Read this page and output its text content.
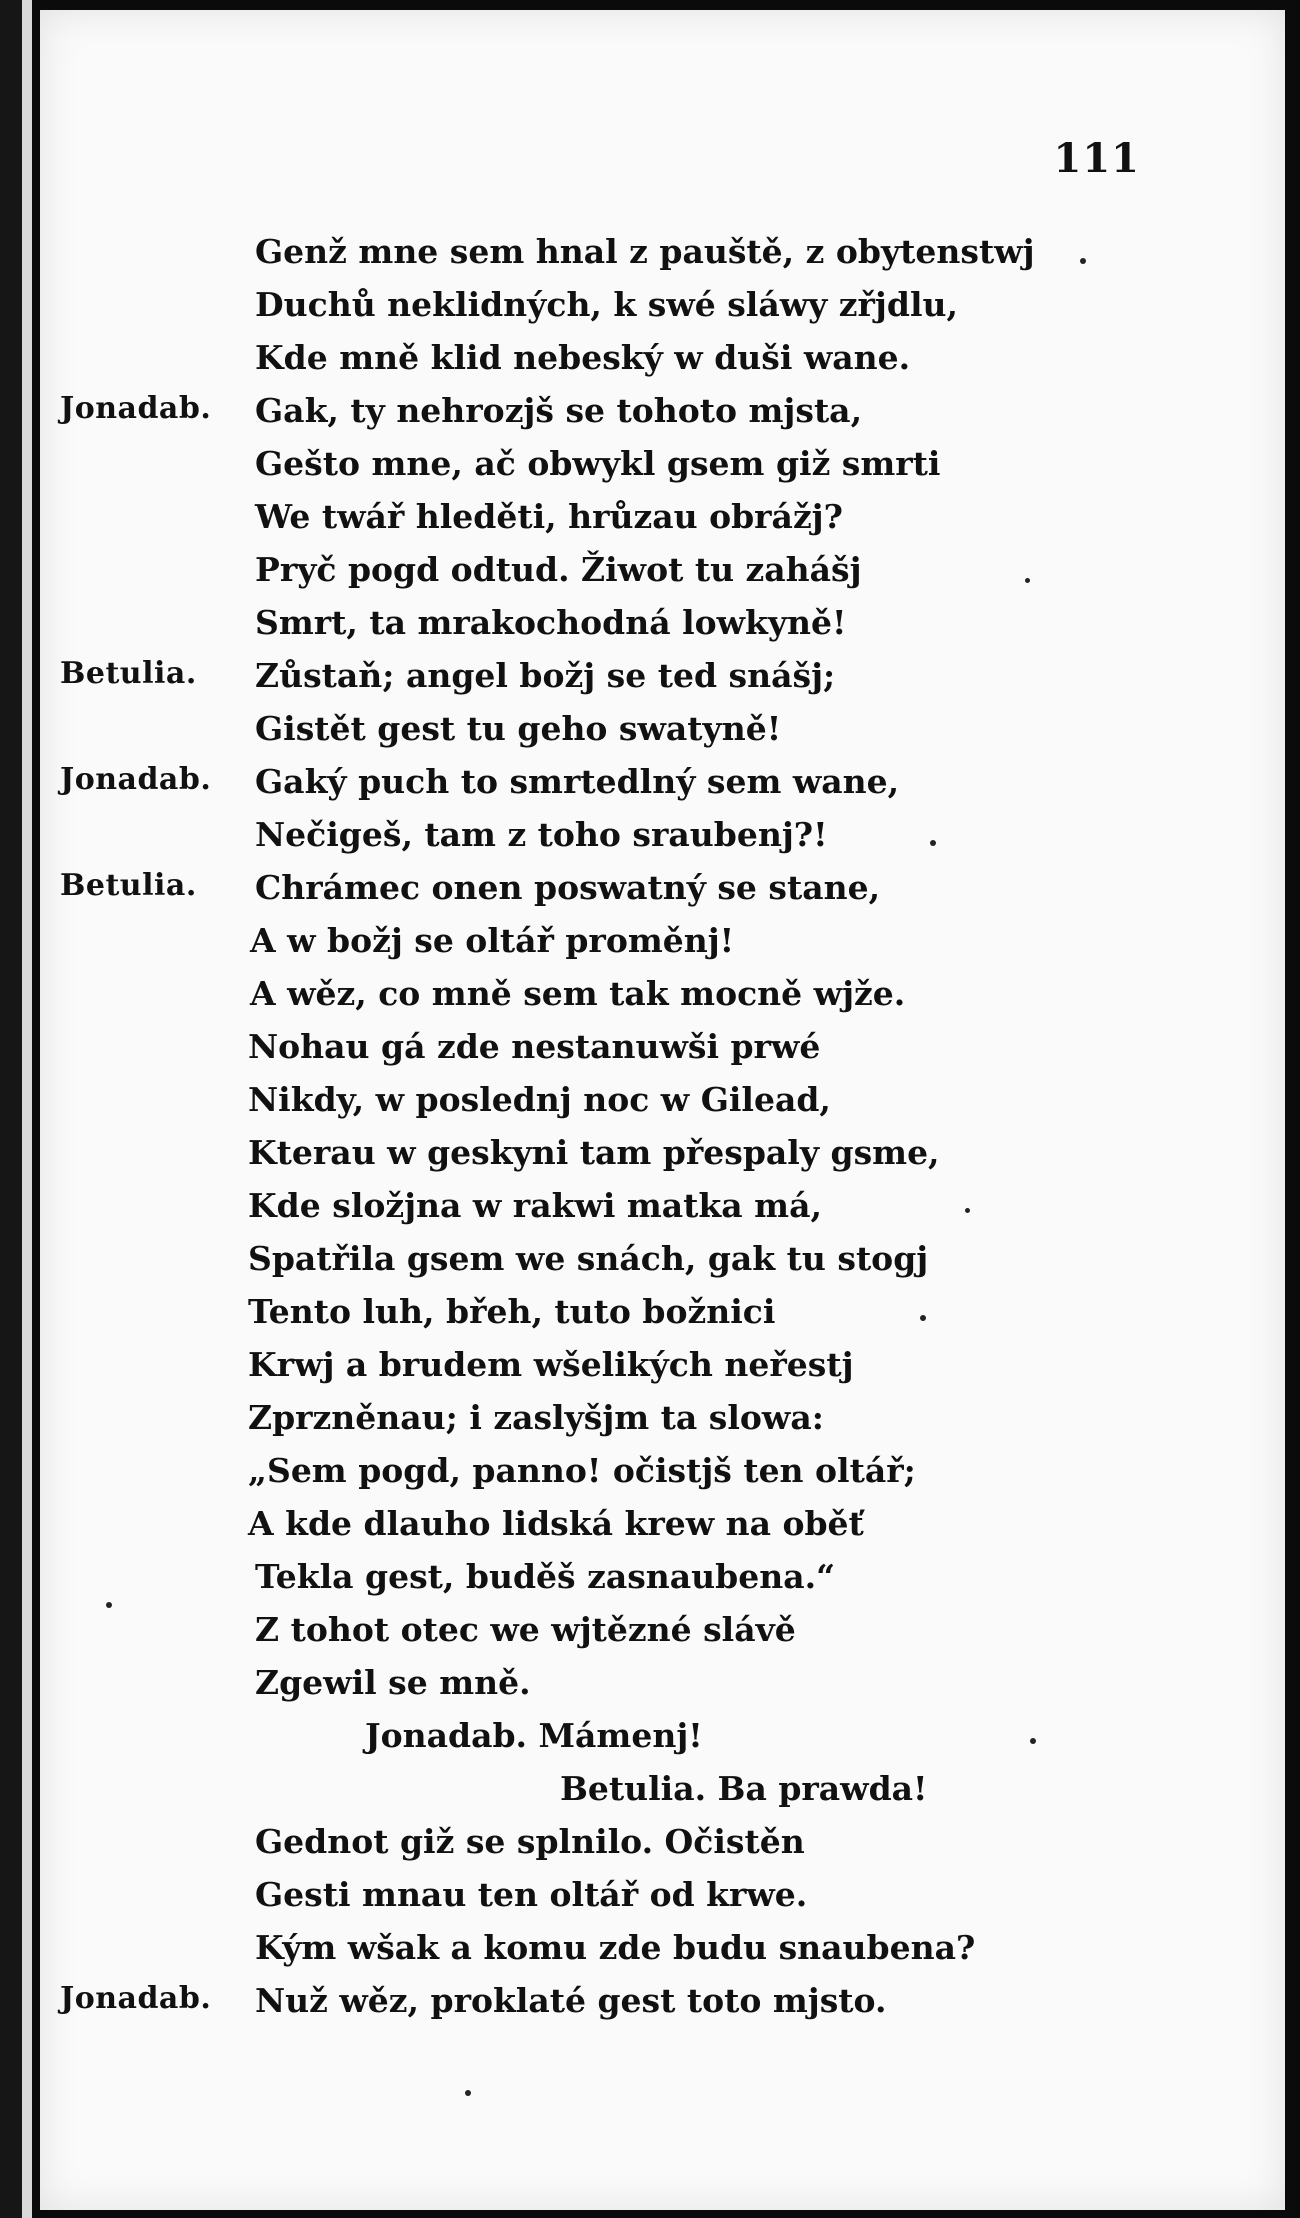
111
Genž mne sem hnal z pauště, z obytenstwj
Duchů neklidných, k swé sláwy zřjdlu,
Kde mně klid nebeský w duši wane.
Jonadab. Gak, ty nehrozjš se tohoto mjsta,
Gešto mne, ač obwykl gsem giž smrti
We twář hleděti, hrůzau obrážj?
Pryč pogd odtud. Žiwot tu zahášj
Smrt, ta mrakochodná lowkyně!
Betulia. Zůstaň; angel božj se ted snášj;
Gistět gest tu geho swatyně!
Jonadab. Gaký puch to smrtedlný sem wane,
Nečigeš, tam z toho sraubenj?!
Betulia. Chrámec onen poswatný se stane,
A w božj se oltář proměnj!
A wěz, co mně sem tak mocně wjže.
Nohau gá zde nestanuwši prwé
Nikdy, w poslednj noc w Gilead,
Kterau w geskyni tam přespaly gsme,
Kde složjna w rakwi matka má,
Spatřila gsem we snách, gak tu stogj
Tento luh, břeh, tuto božnici
Krwj a brudem wšelikých neřestj
Zprzněnau; i zaslyšjm ta slowa:
„Sem pogd, panno! očistjš ten oltář;
A kde dlauho lidská krew na oběť
Tekla gest, buděš zasnaubena.“
Z tohot otec we wjtězné slávě
Zgewil se mně.
Jonadab. Mámenj!
Betulia. Ba prawda!
Gednot giž se splnilo. Očistěn
Gesti mnau ten oltář od krwe.
Kým wšak a komu zde budu snaubena?
Jonadab. Nuž wěz, proklaté gest toto mjsto.
